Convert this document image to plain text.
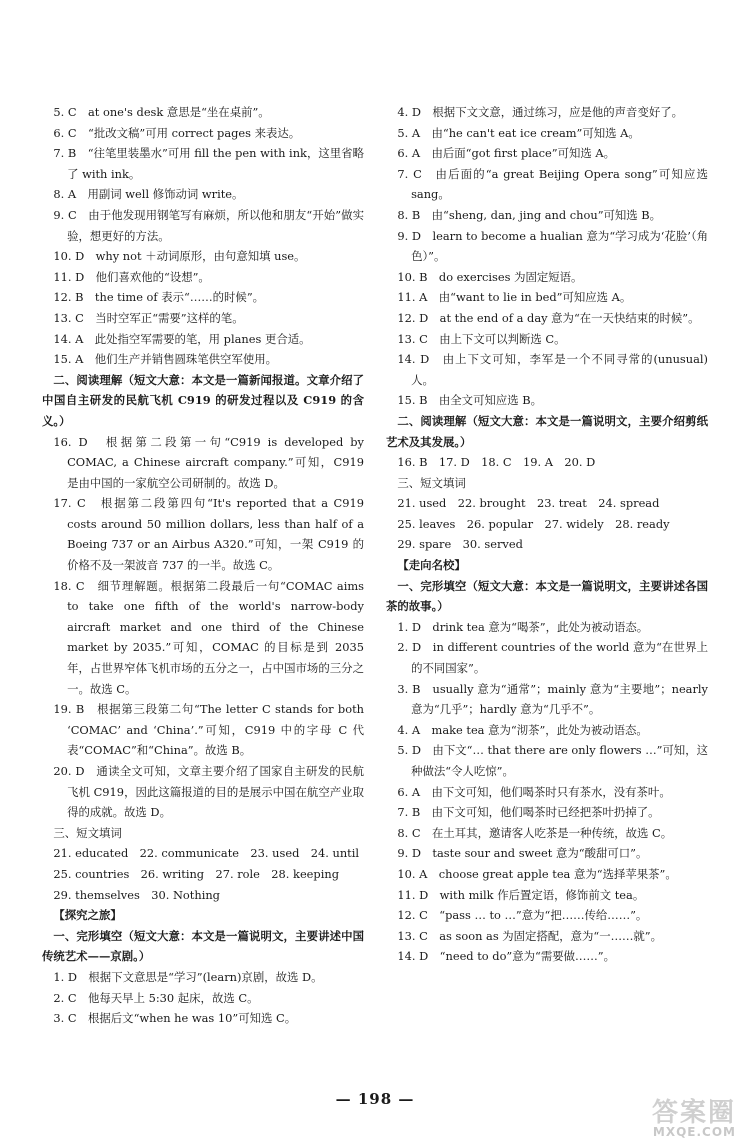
5. C　at one's desk 意思是“坐在桌前”。

6. C　“批改文稿”可用 correct pages 来表达。

7. B　“往笔里装墨水”可用 fill the pen with ink，这里省略了 with ink。

8. A　用副词 well 修饰动词 write。

9. C　由于他发现用钢笔写有麻烦，所以他和朋友“开始”做实验，想更好的方法。

10. D　why not ＋动词原形，由句意知填 use。

11. D　他们喜欢他的“设想”。

12. B　the time of 表示“……的时候”。

13. C　当时空军正“需要”这样的笔。

14. A　此处指空军需要的笔，用 planes 更合适。

15. A　他们生产并销售圆珠笔供空军使用。

二、阅读理解（短文大意：本文是一篇新闻报道。文章介绍了中国自主研发的民航飞机 C919 的研发过程以及 C919 的含义。）

16. D　根据第二段第一句“C919 is developed by COMAC, a Chinese aircraft company.”可知，C919 是由中国的一家航空公司研制的。故选 D。

17. C　根据第二段第四句“It's reported that a C919 costs around 50 million dollars, less than half of a Boeing 737 or an Airbus A320.”可知，一架 C919 的价格不及一架波音 737 的一半。故选 C。

18. C　细节理解题。根据第二段最后一句“COMAC aims to take one fifth of the world's narrow-body aircraft market and one third of the Chinese market by 2035.”可知，COMAC 的目标是到 2035 年，占世界窄体飞机市场的五分之一，占中国市场的三分之一。故选 C。

19. B　根据第三段第二句“The letter C stands for both ‘COMAC’ and ‘China’.”可知，C919 中的字母 C 代表“COMAC”和“China”。故选 B。

20. D　通读全文可知，文章主要介绍了国家自主研发的民航飞机 C919，因此这篇报道的目的是展示中国在航空产业取得的成就。故选 D。

三、短文填词

21. educated　22. communicate　23. used　24. until

25. countries　26. writing　27. role　28. keeping

29. themselves　30. Nothing

【探究之旅】

一、完形填空（短文大意：本文是一篇说明文，主要讲述中国传统艺术——京剧。）

1. D　根据下文意思是“学习”(learn)京剧，故选 D。

2. C　他每天早上 5:30 起床，故选 C。

3. C　根据后文“when he was 10”可知选 C。

4. D　根据下文文意，通过练习，应是他的声音变好了。

5. A　由“he can't eat ice cream”可知选 A。

6. A　由后面“got first place”可知选 A。

7. C　由后面的“a great Beijing Opera song”可知应选 sang。

8. B　由“sheng, dan, jing and chou”可知选 B。

9. D　learn to become a hualian 意为“学习成为‘花脸’（角色）”。

10. B　do exercises 为固定短语。

11. A　由“want to lie in bed”可知应选 A。

12. D　at the end of a day 意为“在一天快结束的时候”。

13. C　由上下文可以判断选 C。

14. D　由上下文可知，李军是一个不同寻常的(unusual)人。

15. B　由全文可知应选 B。

二、阅读理解（短文大意：本文是一篇说明文，主要介绍剪纸艺术及其发展。）

16. B　17. D　18. C　19. A　20. D

三、短文填词

21. used　22. brought　23. treat　24. spread

25. leaves　26. popular　27. widely　28. ready

29. spare　30. served

【走向名校】

一、完形填空（短文大意：本文是一篇说明文，主要讲述各国茶的故事。）

1. D　drink tea 意为“喝茶”，此处为被动语态。

2. D　in different countries of the world 意为“在世界上的不同国家”。

3. B　usually 意为“通常”；mainly 意为“主要地”；nearly 意为“几乎”；hardly 意为“几乎不”。

4. A　make tea 意为“沏茶”，此处为被动语态。

5. D　由下文“… that there are only flowers …”可知，这种做法“令人吃惊”。

6. A　由下文可知，他们喝茶时只有茶水，没有茶叶。

7. B　由下文可知，他们喝茶时已经把茶叶扔掉了。

8. C　在土耳其，邀请客人吃茶是一种传统，故选 C。

9. D　taste sour and sweet 意为“酸甜可口”。

10. A　choose great apple tea 意为“选择苹果茶”。

11. D　with milk 作后置定语，修饰前文 tea。

12. C　“pass … to …”意为“把……传给……”。

13. C　as soon as 为固定搭配，意为“一……就”。

14. D　“need to do”意为“需要做……”。

— 198 —	答案圈
MXQE.COM
